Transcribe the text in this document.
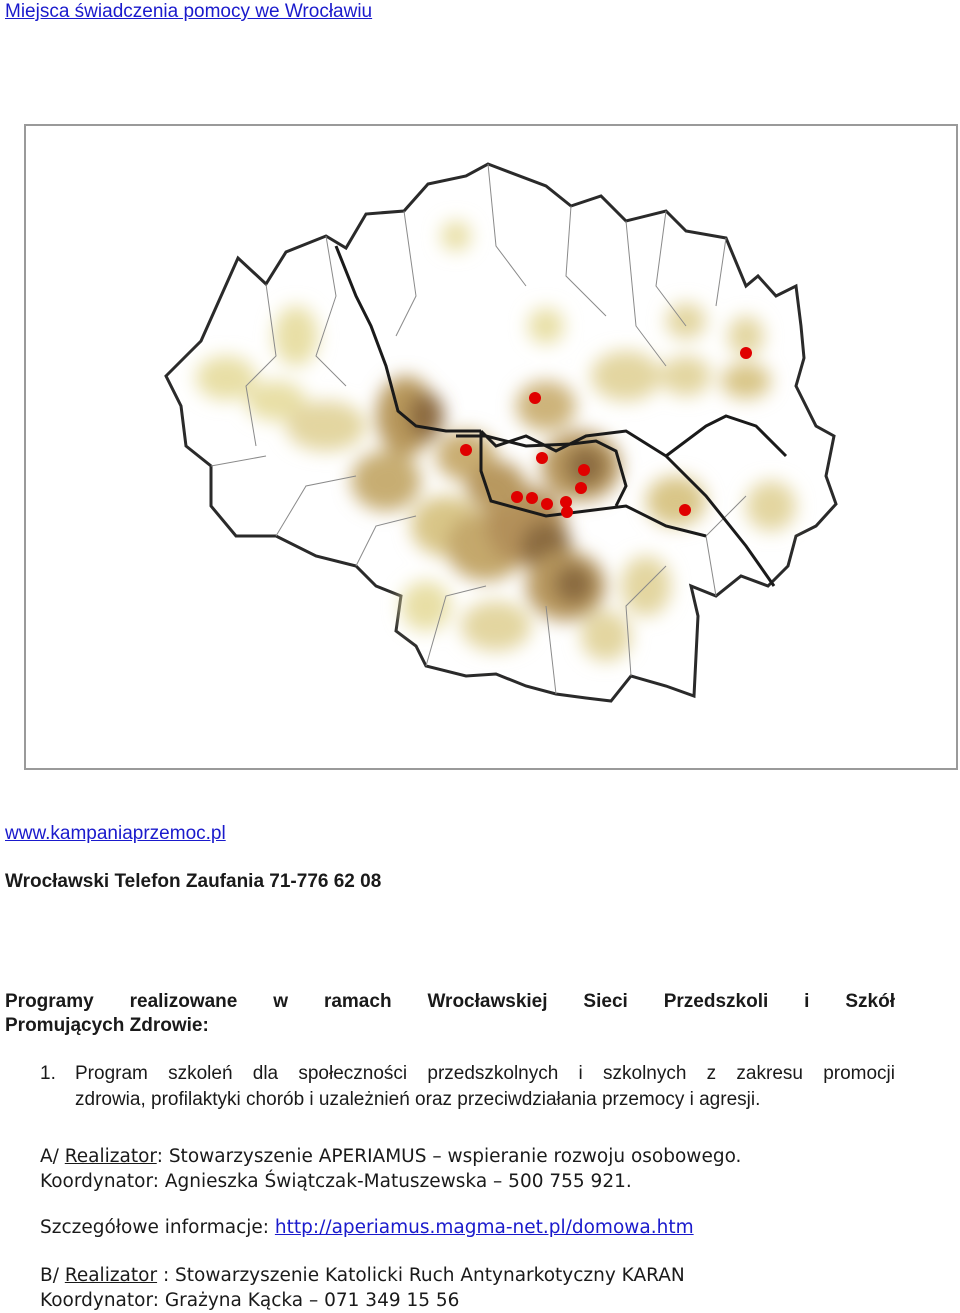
Miejsca świadczenia pomocy we Wrocławiu
www.kampaniaprzemoc.pl
Wrocławski Telefon Zaufania 71-776 62 08
Programy realizowane w ramach Wrocławskiej Sieci Przedszkoli i Szkół
Promujących Zdrowie:
1. Program szkoleń dla społeczności przedszkolnych i szkolnych z zakresu promocji
zdrowia, profilaktyki chorób i uzależnień oraz przeciwdziałania przemocy i agresji.
A/ Realizator: Stowarzyszenie APERIAMUS – wspieranie rozwoju osobowego.
Koordynator: Agnieszka Świątczak-Matuszewska – 500 755 921.
Szczegółowe informacje: http://aperiamus.magma-net.pl/domowa.htm
B/ Realizator : Stowarzyszenie Katolicki Ruch Antynarkotyczny KARAN
Koordynator: Grażyna Kącka – 071 349 15 56
